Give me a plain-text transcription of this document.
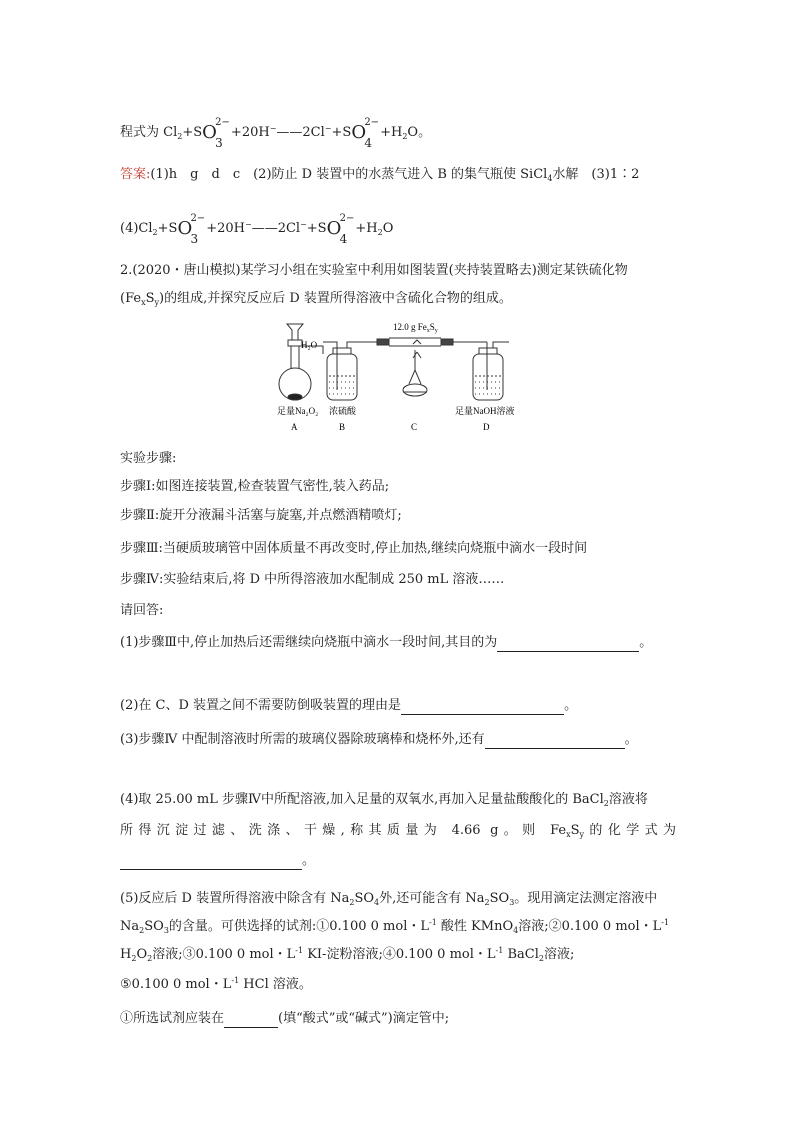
程式为 $Cl_2+SO$
2−
3
+20H−——2Cl−+SO
2−
4
$+H_2O$。
答案:(1)h　g　d　c　(2)防止 D 装置中的水蒸气进入 B 的集气瓶使 SiCl$_4$水解　(3)1∶2
$(4)Cl_2+SO$
2−
3
+20H−——2Cl−+SO
2−
4
$+H_2O$
2.(2020・唐山模拟)某学习小组在实验室中利用如图装置(夹持装置略去)测定某铁硫化物
$(Fe_xS_y)$的组成,并探究反应后 D 装置所得溶液中含硫化合物的组成。
H₂O
12.0 g $Fe_xS_y$
足量Na₂O₂ 浓硫酸	足量NaOH溶液
A	B	C	D
实验步骤:
步骤Ⅰ:如图连接装置,检查装置气密性,装入药品;
步骤Ⅱ:旋开分液漏斗活塞与旋塞,并点燃酒精喷灯;
步骤Ⅲ:当硬质玻璃管中固体质量不再改变时,停止加热,继续向烧瓶中滴水一段时间
步骤Ⅳ:实验结束后,将 D 中所得溶液加水配制成 250 mL 溶液……
请回答:
(1)步骤Ⅲ中,停止加热后还需继续向烧瓶中滴水一段时间,其目的为	。
(2)在 C、D 装置之间不需要防倒吸装置的理由是	。
(3)步骤Ⅳ 中配制溶液时所需的玻璃仪器除玻璃棒和烧杯外,还有	。
(4)取 25.00 mL 步骤Ⅳ中所配溶液,加入足量的双氧水,再加入足量盐酸酸化的 BaCl$_2$溶液将
所得沉淀过滤、洗涤、干燥,称其质量为 4.66 g。则 $Fe_xS_y$的化学式为
。
(5)反应后 D 装置所得溶液中除含有 $Na_2SO_4$外,还可能含有 $Na_2SO_3$。现用滴定法测定溶液中
$Na_2SO_3$的含量。可供选择的试剂:①0.100 0 mol・$L^{-1}$ 酸性 KMnO$_4$溶液;②0.100 0 mol・$L^{-1}$
$H_2O_2$溶液;③0.100 0 mol・$L^{-1}$ KI-淀粉溶液;④0.100 0 mol・$L^{-1}$ BaCl$_2$溶液;
⑤0.100 0 mol・$L^{-1}$ HCl 溶液。
①所选试剂应装在	(填“酸式”或“碱式”)滴定管中;
